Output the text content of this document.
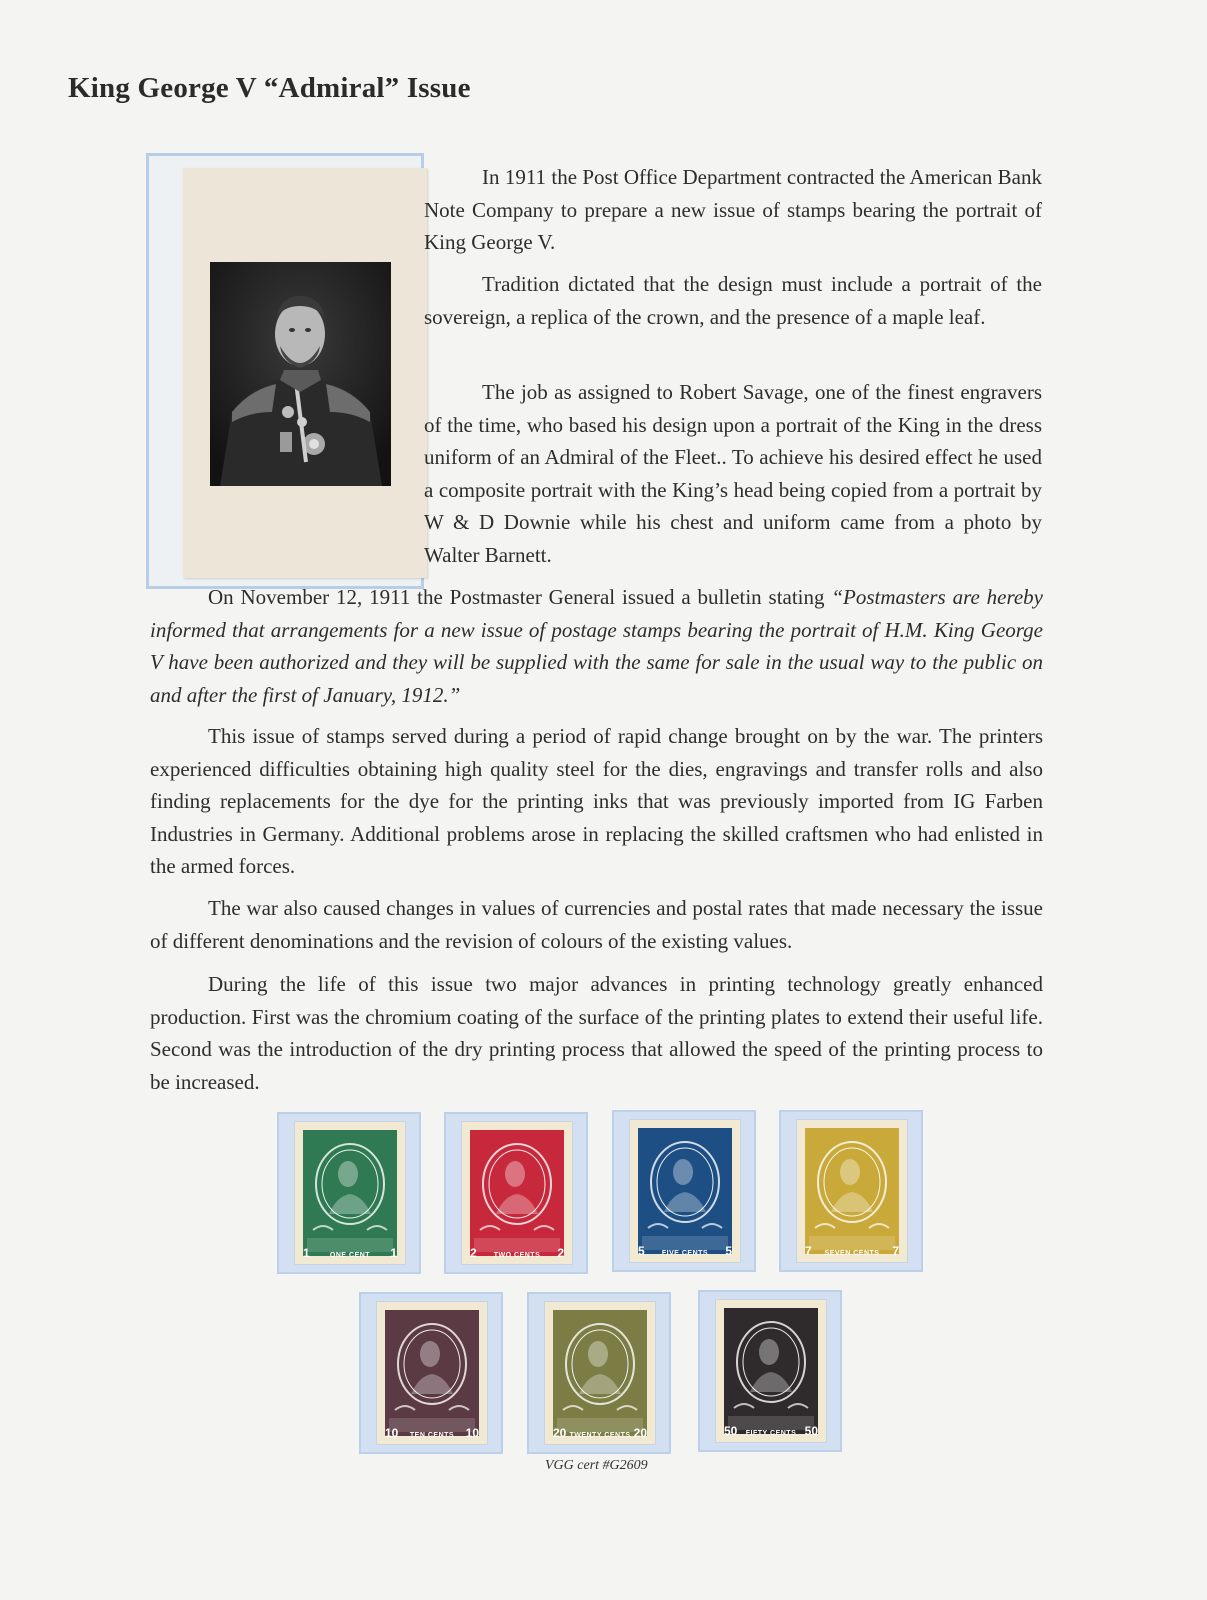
King George V “Admiral” Issue

In 1911 the Post Office Department contracted the American Bank Note Company to prepare a new issue of stamps bearing the portrait of King George V.

Tradition dictated that the design must include a portrait of the sovereign, a replica of the crown, and the presence of a maple leaf.

The job as assigned to Robert Savage, one of the finest engravers of the time, who based his design upon a portrait of the King in the dress uniform of an Admiral of the Fleet.. To achieve his desired effect he used a composite portrait with the King’s head being copied from a portrait by W & D Downie while his chest and uniform came from a photo by Walter Barnett.

On November 12, 1911 the Postmaster General issued a bulletin stating “Postmasters are hereby informed that arrangements for a new issue of postage stamps bearing the portrait of H.M. King George V have been authorized and they will be supplied with the same for sale in the usual way to the public on and after the first of January, 1912.”

This issue of stamps served during a period of rapid change brought on by the war. The printers experienced difficulties obtaining high quality steel for the dies, engravings and transfer rolls and also finding replacements for the dye for the printing inks that was previously imported from IG Farben Industries in Germany. Additional problems arose in replacing the skilled craftsmen who had enlisted in the armed forces.

The war also caused changes in values of currencies and postal rates that made necessary the issue of different denominations and the revision of colours of the existing values.

During the life of this issue two major advances in printing technology greatly enhanced production. First was the chromium coating of the surface of the printing plates to extend their useful life. Second was the introduction of the dry printing process that allowed the speed of the printing process to be increased.

1	ONE CENT	1	2	TWO CENTS	2	5	FIVE CENTS	5	7	SEVEN CENTS 7
10	TEN CENTS 10	20 TWENTY CENTS 20	50	FIFTY CENTS 50
VGG cert #G2609
